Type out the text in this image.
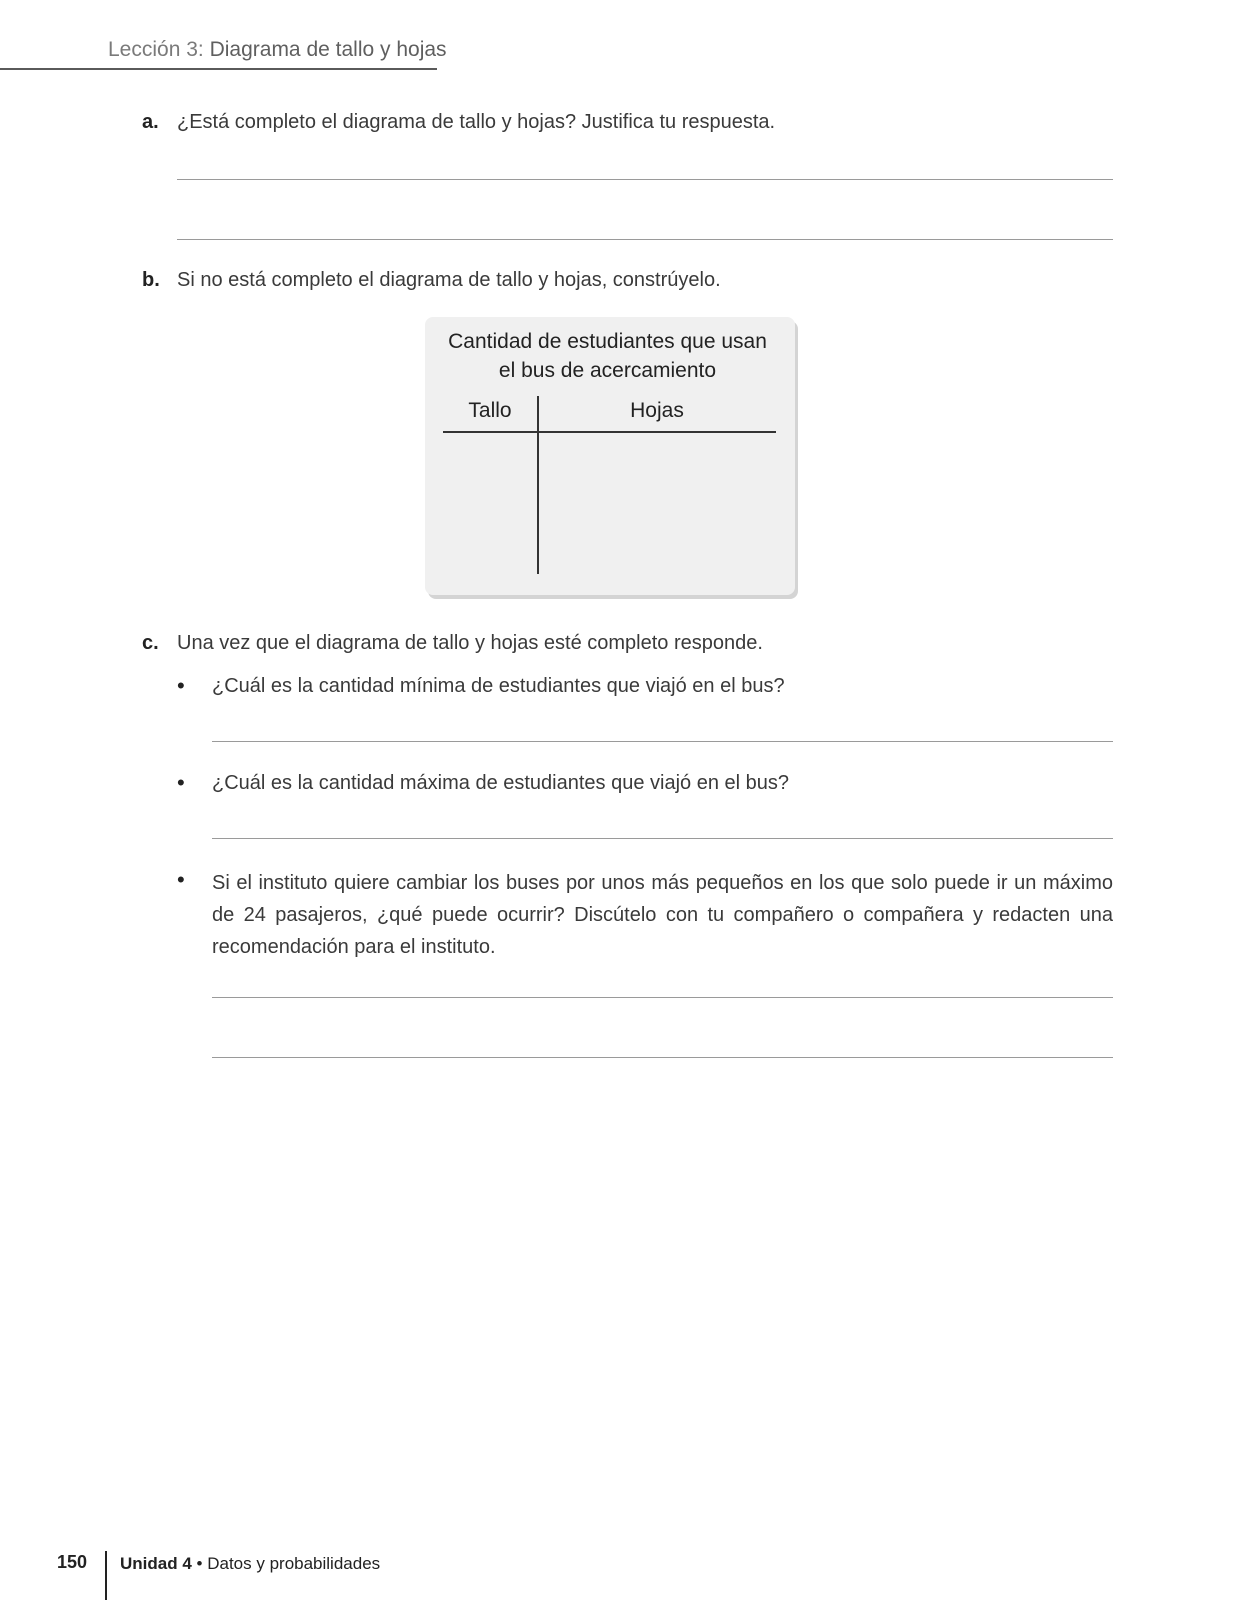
Lección 3: Diagrama de tallo y hojas
a. ¿Está completo el diagrama de tallo y hojas? Justifica tu respuesta.
b. Si no está completo el diagrama de tallo y hojas, constrúyelo.
Cantidad de estudiantes que usan
el bus de acercamiento
Tallo	Hojas
c. Una vez que el diagrama de tallo y hojas esté completo responde.
• ¿Cuál es la cantidad mínima de estudiantes que viajó en el bus?
• ¿Cuál es la cantidad máxima de estudiantes que viajó en el bus?
• Si el instituto quiere cambiar los buses por unos más pequeños en los que solo puede ir un máximo de 24 pasajeros, ¿qué puede ocurrir? Discútelo con tu compañero o compañera y redacten una recomendación para el instituto.
150 Unidad 4 • Datos y probabilidades
